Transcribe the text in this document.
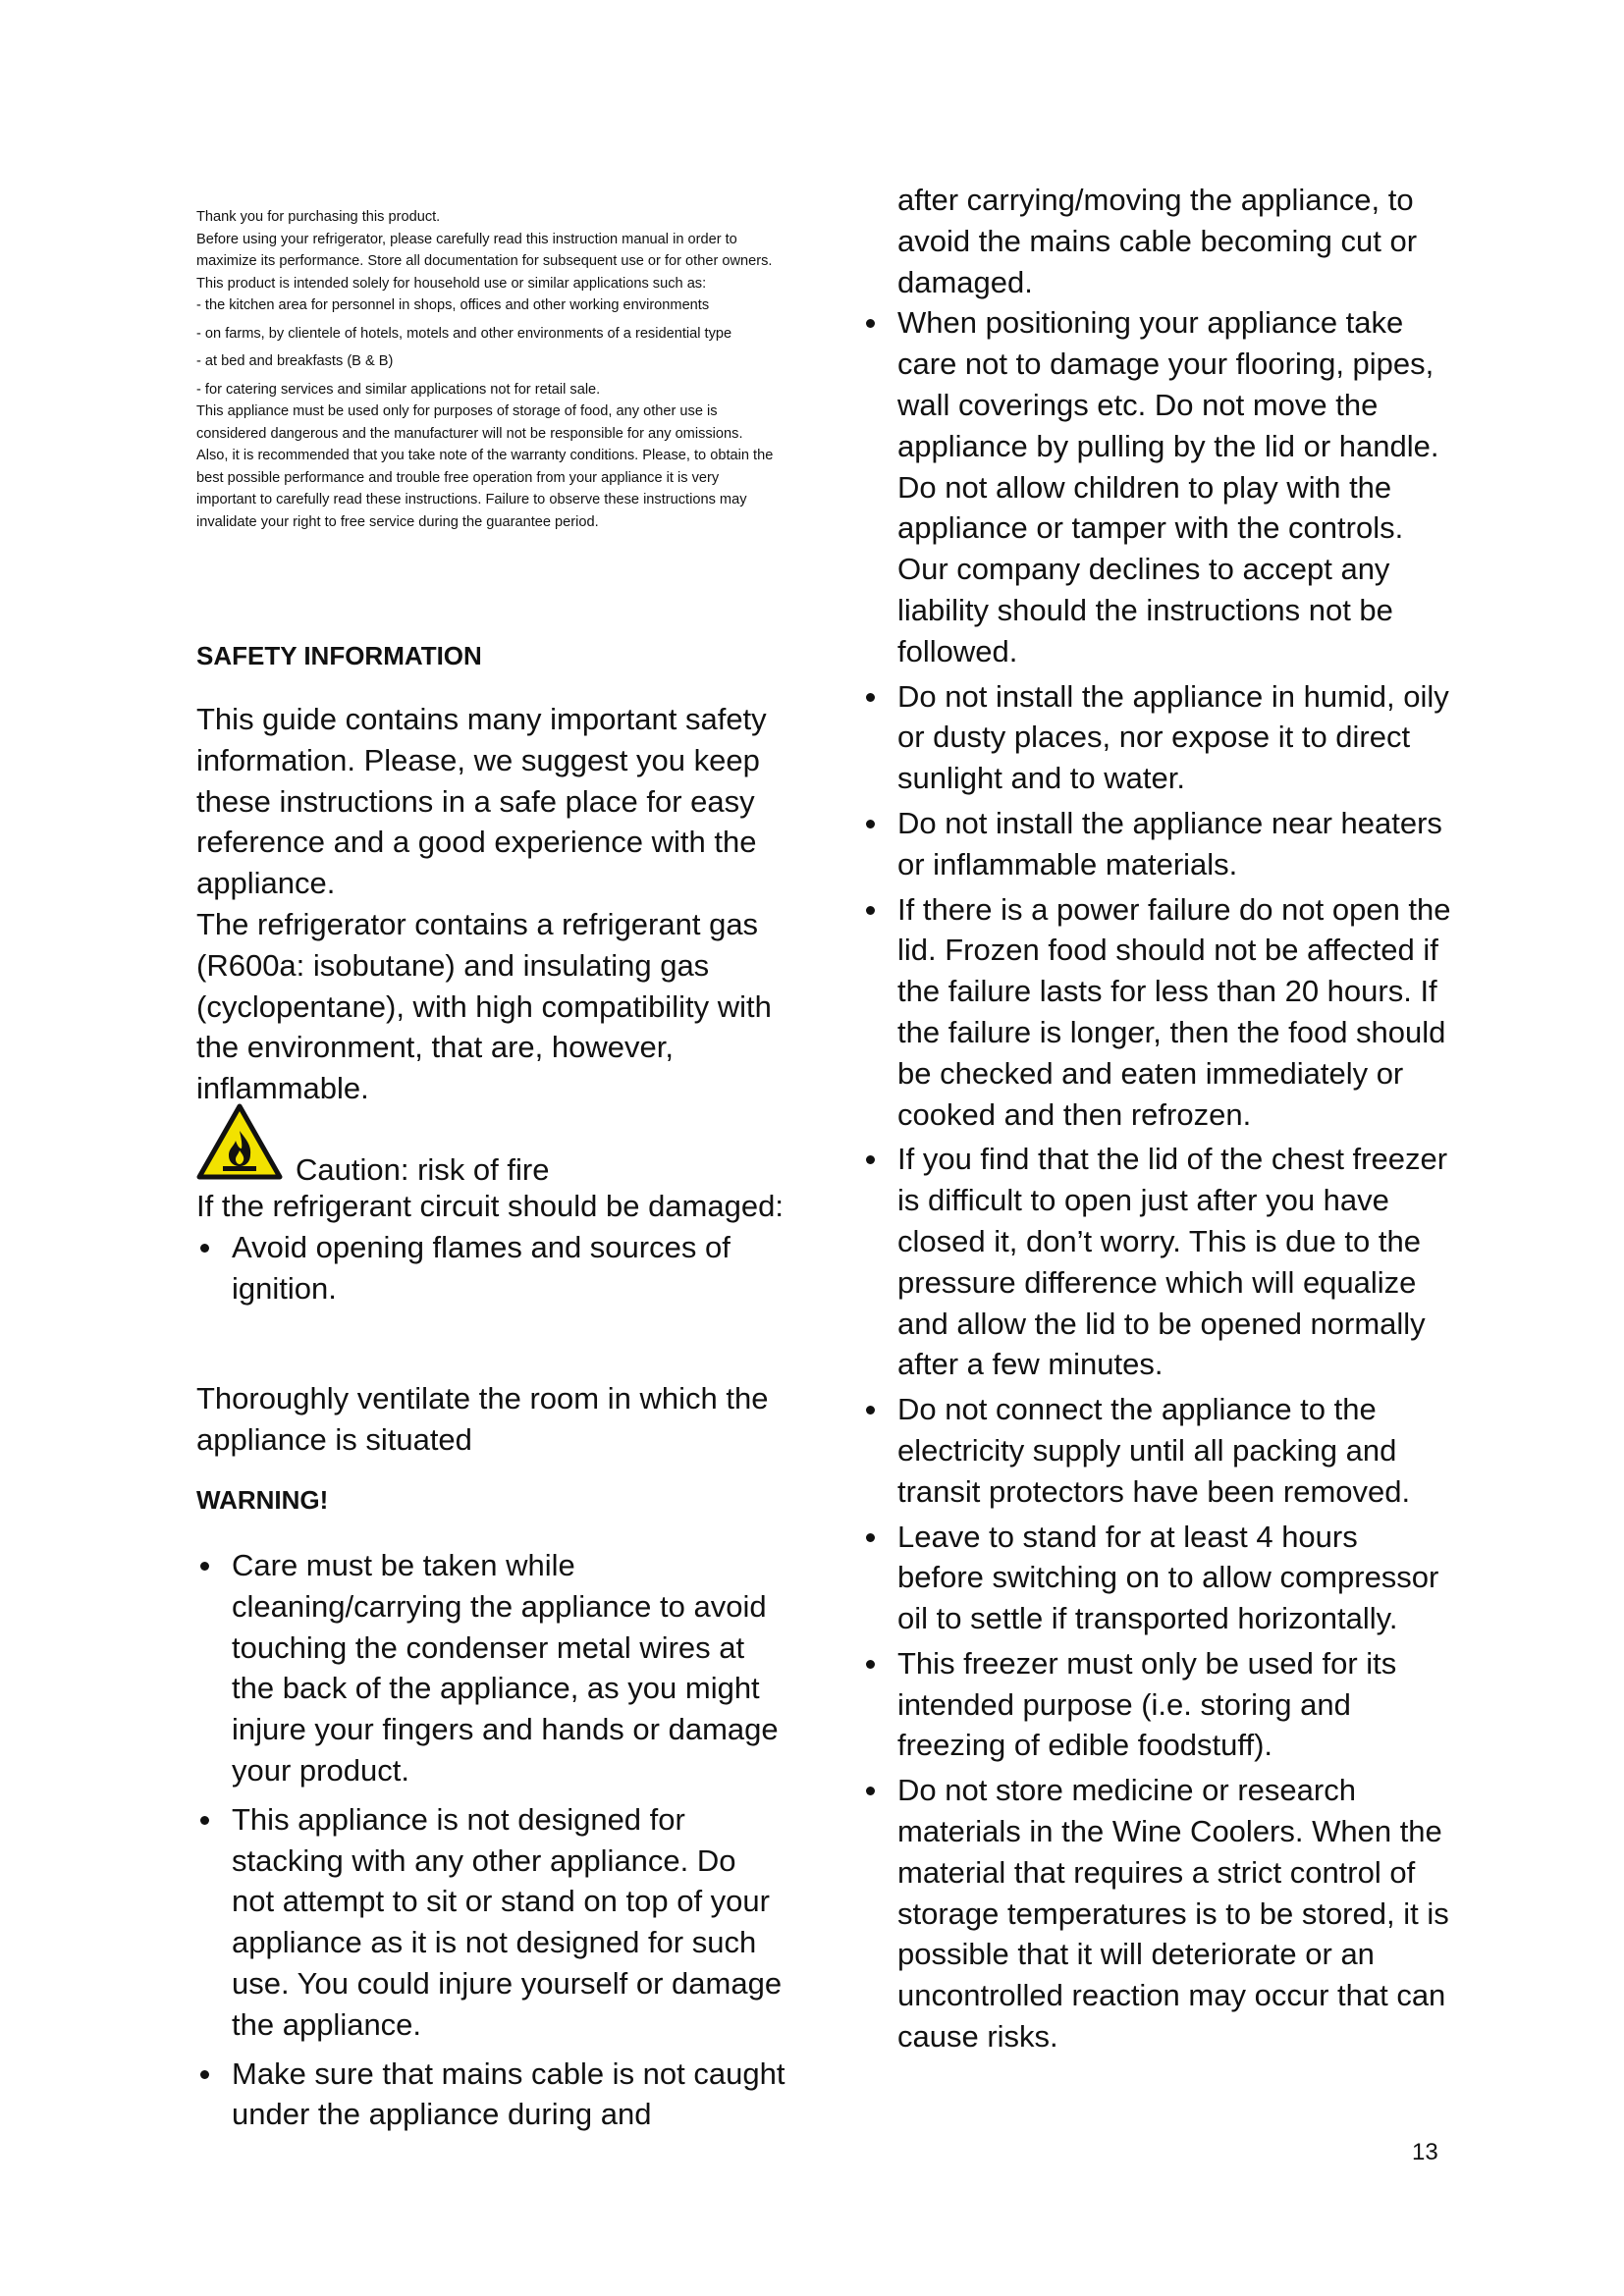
Thank you for purchasing this product.

Before using your refrigerator, please carefully read this instruction manual in order to maximize its performance. Store all documentation for subsequent use or for other owners. This product is intended solely for household use or similar applications such as:

- the kitchen area for personnel in shops, offices and other working environments

- on farms, by clientele of hotels, motels and other environments of a residential type

- at bed and breakfasts (B & B)

- for catering services and similar applications not for retail sale.

This appliance must be used only for purposes of storage of food, any other use is considered dangerous and the manufacturer will not be responsible for any omissions. Also, it is recommended that you take note of the warranty conditions. Please, to obtain the best possible performance and trouble free operation from your appliance it is very important to carefully read these instructions. Failure to observe these instructions may invalidate your right to free service during the guarantee period.

SAFETY INFORMATION

This guide contains many important safety information. Please, we suggest you keep these instructions in a safe place for easy reference and a good experience with the appliance.

The refrigerator contains a refrigerant gas (R600a: isobutane) and insulating gas (cyclopentane), with high compatibility with the environment, that are, however, inflammable.

Caution: risk of fire

If the refrigerant circuit should be damaged:

Avoid opening flames and sources of ignition.

Thoroughly ventilate the room in which the appliance is situated

WARNING!
Care must be taken while cleaning/carrying the appliance to avoid touching the condenser metal wires at the back of the appliance, as you might injure your fingers and hands or damage your product.
This appliance is not designed for stacking with any other appliance. Do not attempt to sit or stand on top of your appliance as it is not designed for such use. You could injure yourself or damage the appliance.
Make sure that mains cable is not caught under the appliance during and
after carrying/moving the appliance, to avoid the mains cable becoming cut or damaged.
When positioning your appliance take care not to damage your flooring, pipes, wall coverings etc. Do not move the appliance by pulling by the lid or handle. Do not allow children to play with the appliance or tamper with the controls. Our company declines to accept any liability should the instructions not be followed.
Do not install the appliance in humid, oily or dusty places, nor expose it to direct sunlight and to water.
Do not install the appliance near heaters or inflammable materials.
If there is a power failure do not open the lid. Frozen food should not be affected if the failure lasts for less than 20 hours. If the failure is longer, then the food should be checked and eaten immediately or cooked and then refrozen.
If you find that the lid of the chest freezer is difficult to open just after you have closed it, don’t worry. This is due to the pressure difference which will equalize and allow the lid to be opened normally after a few minutes.
Do not connect the appliance to the electricity supply until all packing and transit protectors have been removed.
Leave to stand for at least 4 hours before switching on to allow compressor oil to settle if transported horizontally.
This freezer must only be used for its intended purpose (i.e. storing and freezing of edible foodstuff).
Do not store medicine or research materials in the Wine Coolers. When the material that requires a strict control of storage temperatures is to be stored, it is possible that it will deteriorate or an uncontrolled reaction may occur that can cause risks.
13
